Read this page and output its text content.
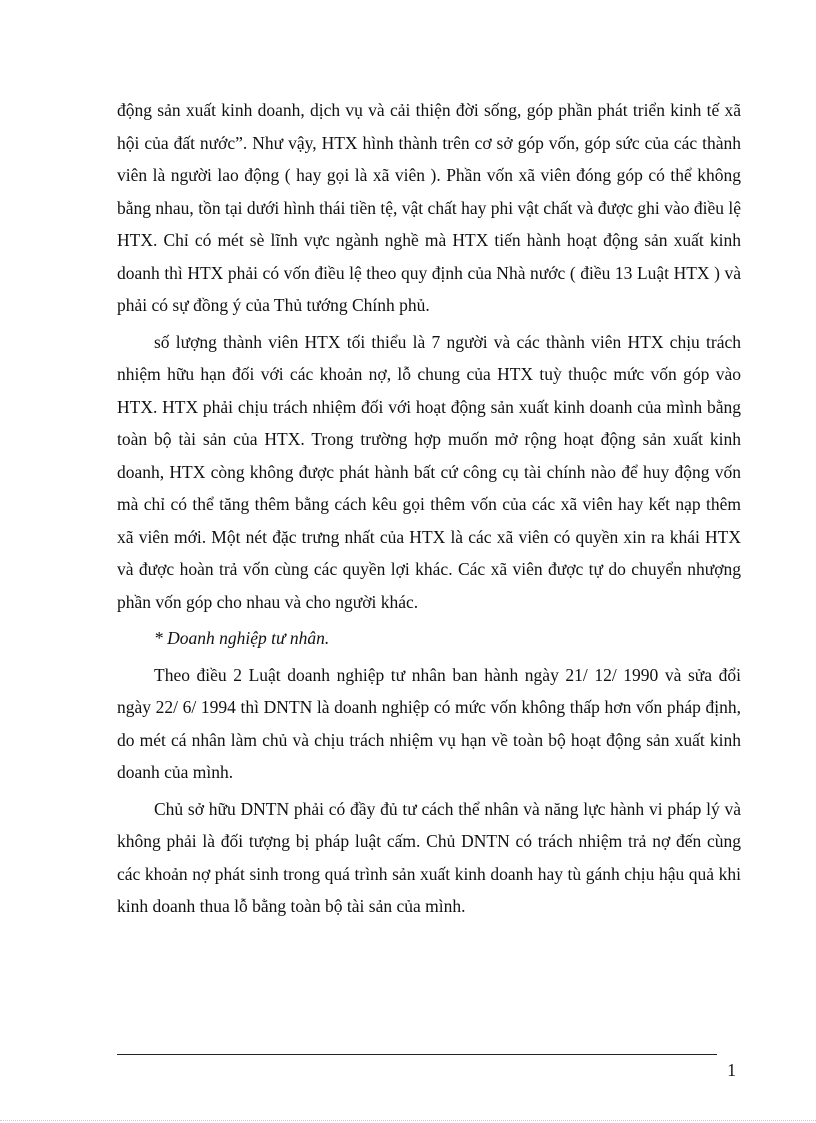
động sản xuất kinh doanh, dịch vụ và cải thiện đời sống, góp phần phát triển kinh tế xã hội của đất nước”. Như vậy, HTX hình thành trên cơ sở góp vốn, góp sức của các thành viên là người lao động ( hay gọi là xã viên ). Phần vốn xã viên đóng góp có thể không bằng nhau, tồn tại dưới hình thái tiền tệ, vật chất hay phi vật chất và được ghi vào điều lệ HTX. Chỉ có mét sè lĩnh vực ngành nghề mà HTX tiến hành hoạt động sản xuất kinh doanh thì HTX phải có vốn điều lệ theo quy định của Nhà nước ( điều 13 Luật HTX ) và phải có sự đồng ý của Thủ tướng Chính phủ.

số lượng thành viên HTX tối thiểu là 7 người và các thành viên HTX chịu trách nhiệm hữu hạn đối với các khoản nợ, lỗ chung của HTX tuỳ thuộc mức vốn góp vào HTX. HTX phải chịu trách nhiệm đối với hoạt động sản xuất kinh doanh của mình bằng toàn bộ tài sản của HTX. Trong trường hợp muốn mở rộng hoạt động sản xuất kinh doanh, HTX còng không được phát hành bất cứ công cụ tài chính nào để huy động vốn mà chỉ có thể tăng thêm bằng cách kêu gọi thêm vốn của các xã viên hay kết nạp thêm xã viên mới. Một nét đặc trưng nhất của HTX là các xã viên có quyền xin ra khái HTX và được hoàn trả vốn cùng các quyền lợi khác. Các xã viên được tự do chuyển nhượng phần vốn góp cho nhau và cho người khác.

* Doanh nghiệp tư nhân.

Theo điều 2 Luật doanh nghiệp tư nhân ban hành ngày 21/ 12/ 1990 và sửa đổi ngày 22/ 6/ 1994 thì DNTN là doanh nghiệp có mức vốn không thấp hơn vốn pháp định, do mét cá nhân làm chủ và chịu trách nhiệm vụ hạn về toàn bộ hoạt động sản xuất kinh doanh của mình.

Chủ sở hữu DNTN phải có đầy đủ tư cách thể nhân và năng lực hành vi pháp lý và không phải là đối tượng bị pháp luật cấm. Chủ DNTN có trách nhiệm trả nợ đến cùng các khoản nợ phát sinh trong quá trình sản xuất kinh doanh hay tù gánh chịu hậu quả khi kinh doanh thua lỗ bằng toàn bộ tài sản của mình.

1
